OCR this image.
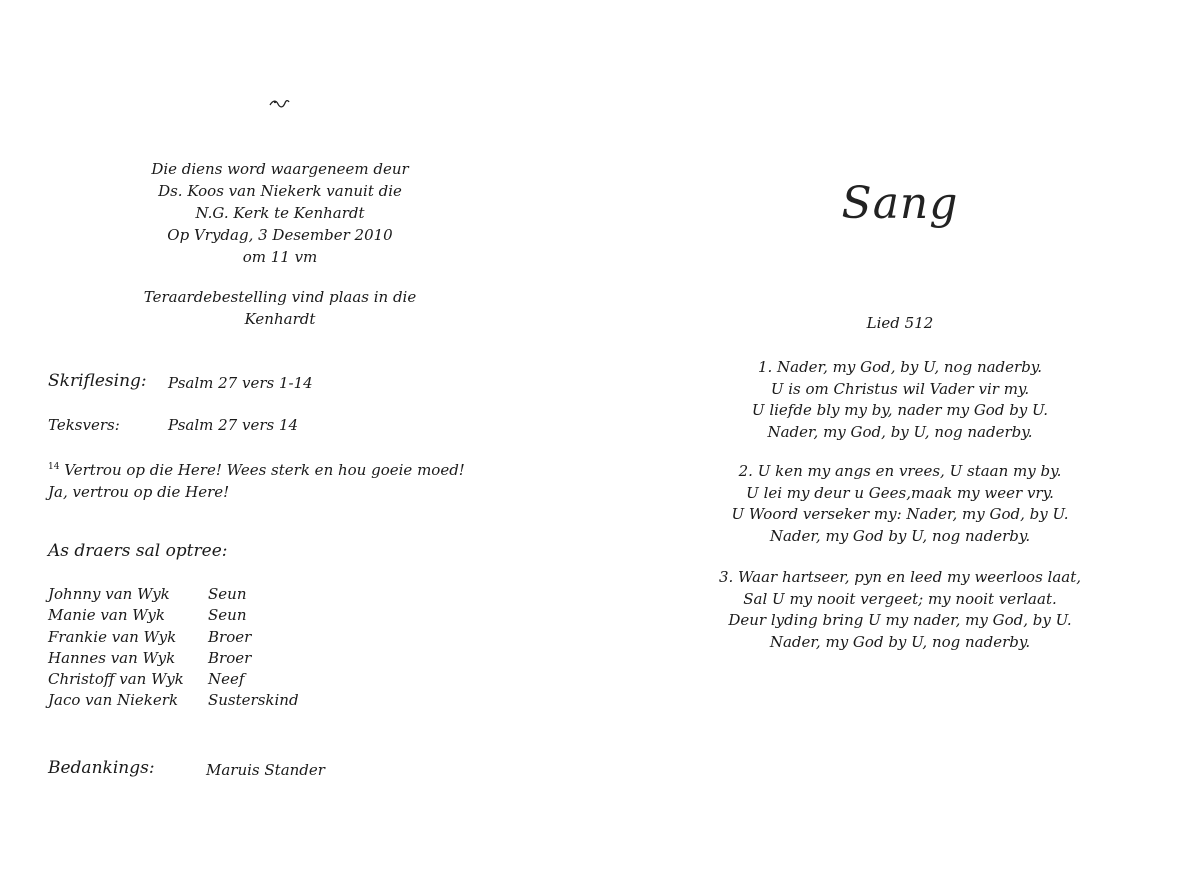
Die diens word waargeneem deur
Ds. Koos van Niekerk vanuit die
N.G. Kerk te Kenhardt
Op Vrydag, 3 Desember 2010
om 11 vm
Teraardebestelling vind plaas in die
Kenhardt
Skriflesing: Psalm 27 vers 1-14
Teksvers:	Psalm 27 vers 14
$^{14}$ Vertrou op die Here! Wees sterk en hou goeie moed!
Ja, vertrou op die Here!
As draers sal optree:
Johnny van Wyk	Seun
Manie van Wyk	Seun
Frankie van Wyk	Broer
Hannes van Wyk	Broer
Christoff van Wyk	Neef
Jaco van Niekerk	Susterskind
Bedankings:	Maruis Stander
Sang
Lied 512
1. Nader, my God, by U, nog naderby.
U is om Christus wil Vader vir my.
U liefde bly my by, nader my God by U.
Nader, my God, by U, nog naderby.
2. U ken my angs en vrees, U staan my by.
U lei my deur u Gees,maak my weer vry.
U Woord verseker my: Nader, my God, by U.
Nader, my God by U, nog naderby.
3. Waar hartseer, pyn en leed my weerloos laat,
Sal U my nooit vergeet; my nooit verlaat.
Deur lyding bring U my nader, my God, by U.
Nader, my God by U, nog naderby.
